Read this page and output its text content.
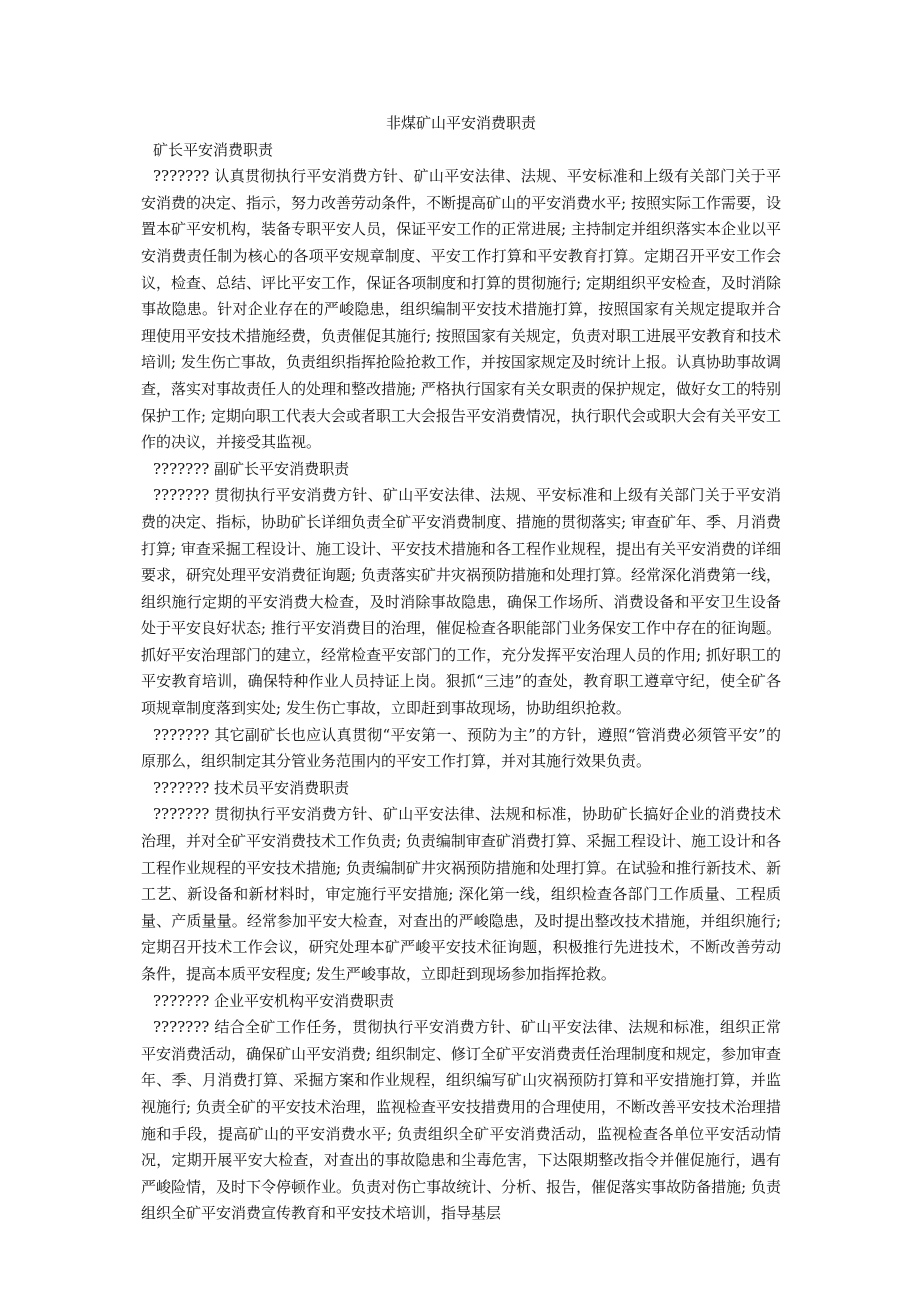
非煤矿山平安消费职责

矿长平安消费职责

??????? 认真贯彻执行平安消费方针、矿山平安法律、法规、平安标准和上级有关部门关于平安消费的决定、指示，努力改善劳动条件，不断提高矿山的平安消费水平; 按照实际工作需要，设置本矿平安机构，装备专职平安人员，保证平安工作的正常进展; 主持制定并组织落实本企业以平安消费责任制为核心的各项平安规章制度、平安工作打算和平安教育打算。定期召开平安工作会议，检查、总结、评比平安工作，保证各项制度和打算的贯彻施行; 定期组织平安检查，及时消除事故隐患。针对企业存在的严峻隐患，组织编制平安技术措施打算，按照国家有关规定提取并合理使用平安技术措施经费，负责催促其施行; 按照国家有关规定，负责对职工进展平安教育和技术培训; 发生伤亡事故，负责组织指挥抢险抢救工作，并按国家规定及时统计上报。认真协助事故调查，落实对事故责任人的处理和整改措施; 严格执行国家有关女职责的保护规定，做好女工的特别保护工作; 定期向职工代表大会或者职工大会报告平安消费情况，执行职代会或职大会有关平安工作的决议，并接受其监视。

??????? 副矿长平安消费职责

??????? 贯彻执行平安消费方针、矿山平安法律、法规、平安标准和上级有关部门关于平安消费的决定、指标，协助矿长详细负责全矿平安消费制度、措施的贯彻落实; 审查矿年、季、月消费打算; 审查采掘工程设计、施工设计、平安技术措施和各工程作业规程，提出有关平安消费的详细要求，研究处理平安消费征询题; 负责落实矿井灾祸预防措施和处理打算。经常深化消费第一线，组织施行定期的平安消费大检查，及时消除事故隐患，确保工作场所、消费设备和平安卫生设备处于平安良好状态; 推行平安消费目的治理，催促检查各职能部门业务保安工作中存在的征询题。抓好平安治理部门的建立，经常检查平安部门的工作，充分发挥平安治理人员的作用; 抓好职工的平安教育培训，确保特种作业人员持证上岗。狠抓“三违”的查处，教育职工遵章守纪，使全矿各项规章制度落到实处; 发生伤亡事故，立即赶到事故现场，协助组织抢救。

??????? 其它副矿长也应认真贯彻“平安第一、预防为主”的方针，遵照“管消费必须管平安”的原那么，组织制定其分管业务范围内的平安工作打算，并对其施行效果负责。

??????? 技术员平安消费职责

??????? 贯彻执行平安消费方针、矿山平安法律、法规和标准，协助矿长搞好企业的消费技术治理，并对全矿平安消费技术工作负责; 负责编制审查矿消费打算、采掘工程设计、施工设计和各工程作业规程的平安技术措施; 负责编制矿井灾祸预防措施和处理打算。在试验和推行新技术、新工艺、新设备和新材料时，审定施行平安措施; 深化第一线，组织检查各部门工作质量、工程质量、产质量量。经常参加平安大检查，对查出的严峻隐患，及时提出整改技术措施，并组织施行; 定期召开技术工作会议，研究处理本矿严峻平安技术征询题，积极推行先进技术，不断改善劳动条件，提高本质平安程度; 发生严峻事故，立即赶到现场参加指挥抢救。

??????? 企业平安机构平安消费职责

??????? 结合全矿工作任务，贯彻执行平安消费方针、矿山平安法律、法规和标准，组织正常平安消费活动，确保矿山平安消费; 组织制定、修订全矿平安消费责任治理制度和规定，参加审查年、季、月消费打算、采掘方案和作业规程，组织编写矿山灾祸预防打算和平安措施打算，并监视施行; 负责全矿的平安技术治理，监视检查平安技措费用的合理使用，不断改善平安技术治理措施和手段，提高矿山的平安消费水平; 负责组织全矿平安消费活动，监视检查各单位平安活动情况，定期开展平安大检查，对查出的事故隐患和尘毒危害，下达限期整改指令并催促施行，遇有严峻险情，及时下令停顿作业。负责对伤亡事故统计、分析、报告，催促落实事故防备措施; 负责组织全矿平安消费宣传教育和平安技术培训，指导基层
